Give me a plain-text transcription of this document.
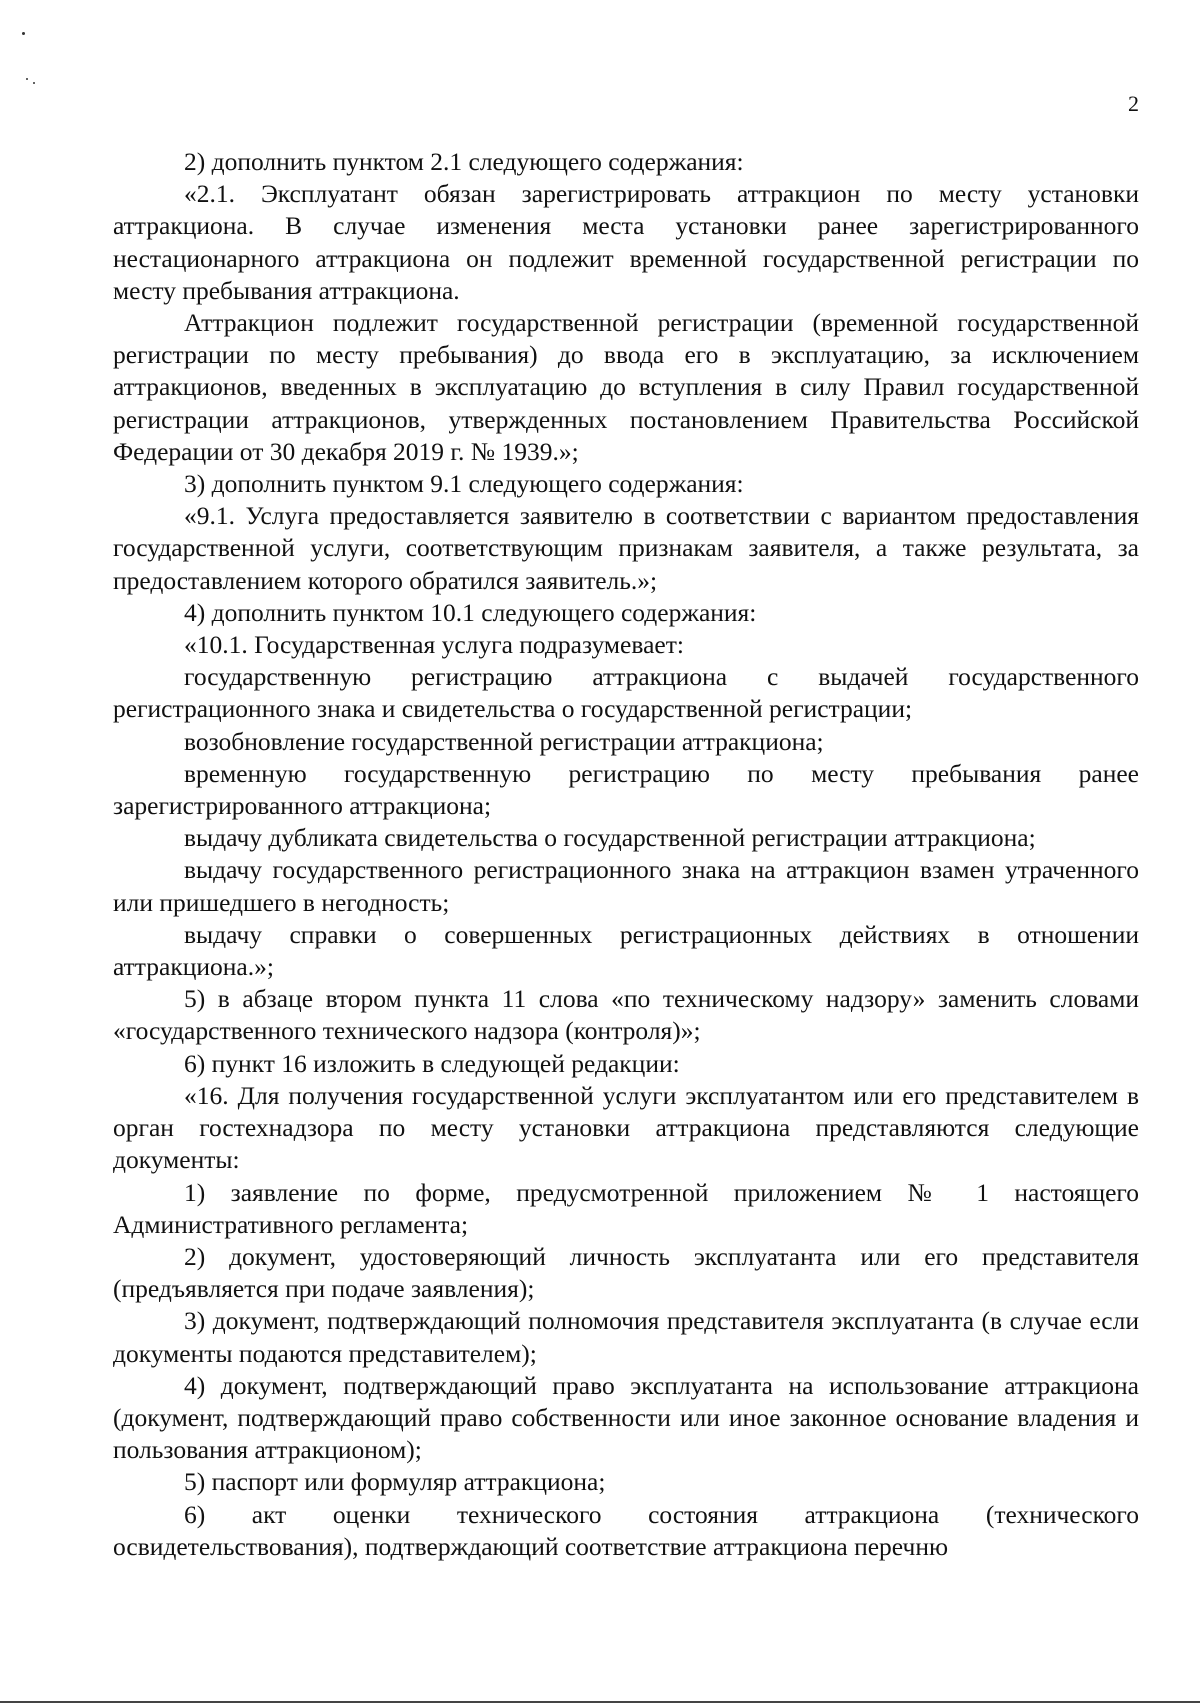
2

2) дополнить пунктом 2.1 следующего содержания:

«2.1. Эксплуатант обязан зарегистрировать аттракцион по месту установки аттракциона. В случае изменения места установки ранее зарегистрированного нестационарного аттракциона он подлежит временной государственной регистрации по месту пребывания аттракциона.

Аттракцион подлежит государственной регистрации (временной государственной регистрации по месту пребывания) до ввода его в эксплуатацию, за исключением аттракционов, введенных в эксплуатацию до вступления в силу Правил государственной регистрации аттракционов, утвержденных постановлением Правительства Российской Федерации от 30 декабря 2019 г. № 1939.»;

3) дополнить пунктом 9.1 следующего содержания:

«9.1. Услуга предоставляется заявителю в соответствии с вариантом предоставления государственной услуги, соответствующим признакам заявителя, а также результата, за предоставлением которого обратился заявитель.»;

4) дополнить пунктом 10.1 следующего содержания:

«10.1. Государственная услуга подразумевает:

государственную регистрацию аттракциона с выдачей государственного регистрационного знака и свидетельства о государственной регистрации;

возобновление государственной регистрации аттракциона;

временную государственную регистрацию по месту пребывания ранее зарегистрированного аттракциона;

выдачу дубликата свидетельства о государственной регистрации аттракциона;

выдачу государственного регистрационного знака на аттракцион взамен утраченного или пришедшего в негодность;

выдачу справки о совершенных регистрационных действиях в отношении аттракциона.»;

5) в абзаце втором пункта 11 слова «по техническому надзору» заменить словами «государственного технического надзора (контроля)»;

6) пункт 16 изложить в следующей редакции:

«16. Для получения государственной услуги эксплуатантом или его представителем в орган гостехнадзора по месту установки аттракциона представляются следующие документы:

1) заявление по форме, предусмотренной приложением № 1 настоящего Административного регламента;

2) документ, удостоверяющий личность эксплуатанта или его представителя (предъявляется при подаче заявления);

3) документ, подтверждающий полномочия представителя эксплуатанта (в случае если документы подаются представителем);

4) документ, подтверждающий право эксплуатанта на использование аттракциона (документ, подтверждающий право собственности или иное законное основание владения и пользования аттракционом);

5) паспорт или формуляр аттракциона;

6) акт оценки технического состояния аттракциона (технического освидетельствования), подтверждающий соответствие аттракциона перечню
